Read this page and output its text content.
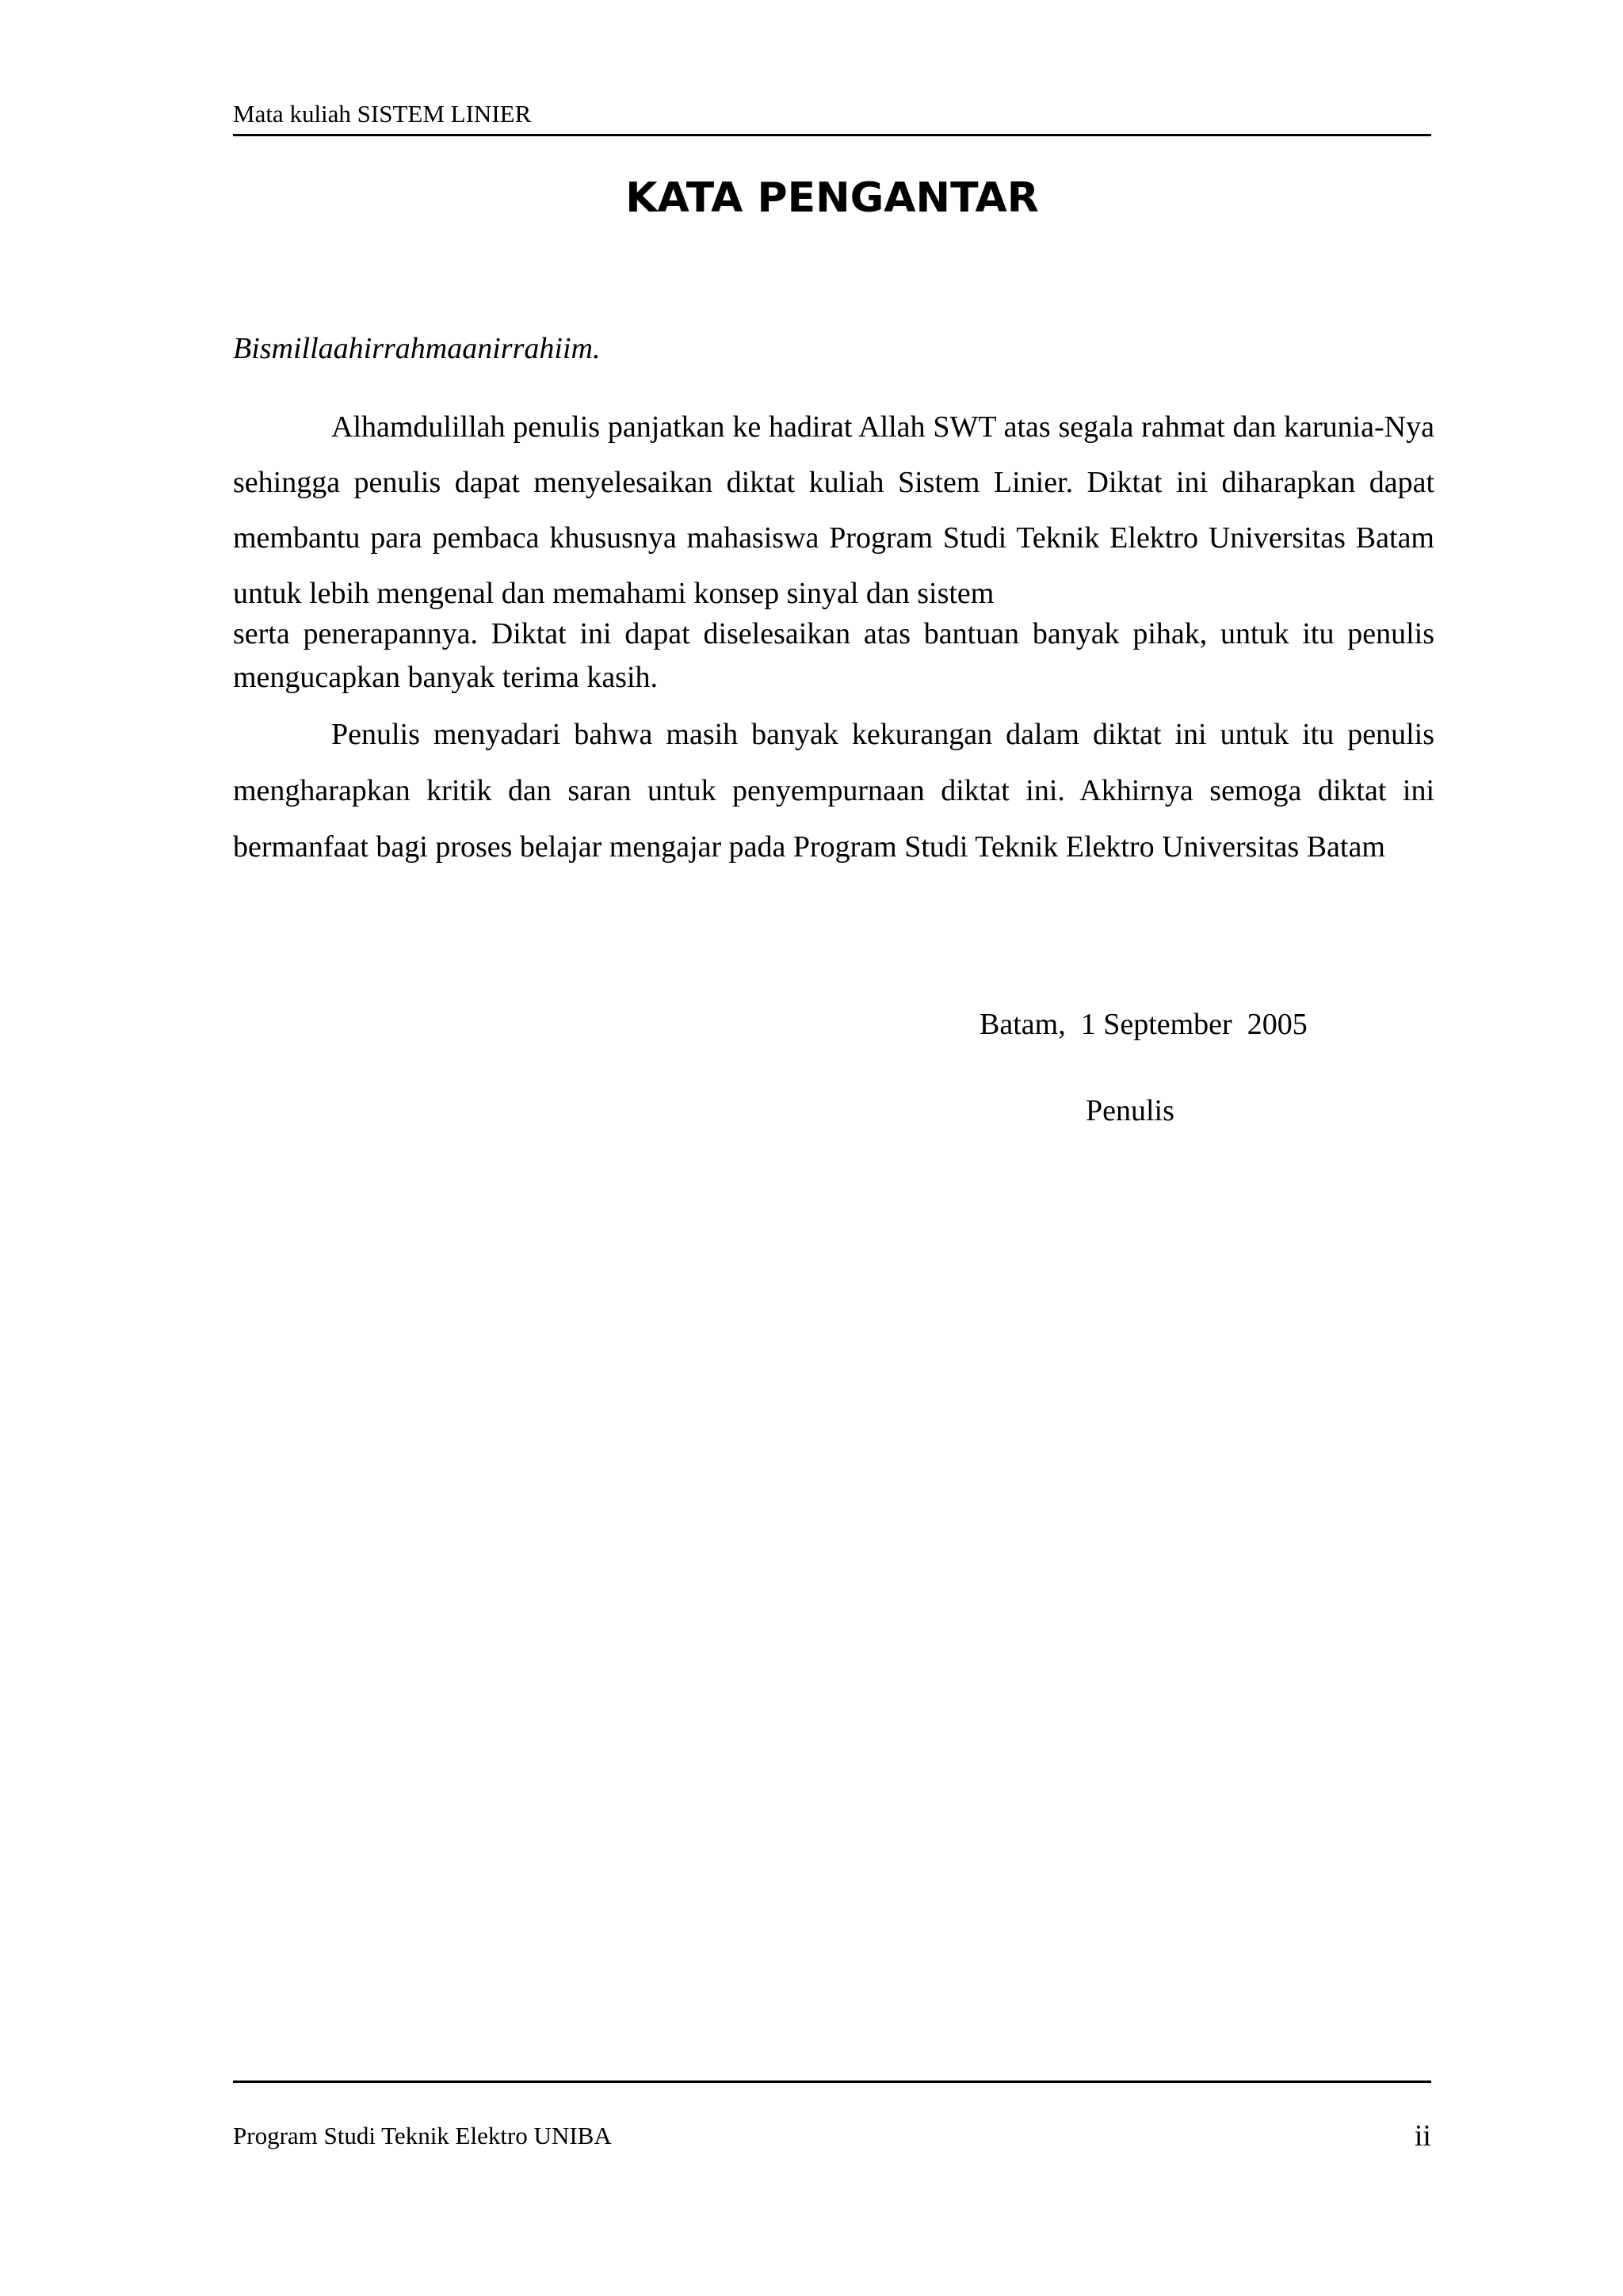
Mata kuliah SISTEM LINIER
KATA PENGANTAR
Bismillaahirrahmaanirrahiim.

Alhamdulillah penulis panjatkan ke hadirat Allah SWT atas segala rahmat dan karunia-Nya sehingga penulis dapat menyelesaikan diktat kuliah Sistem Linier. Diktat ini diharapkan dapat membantu para pembaca khususnya mahasiswa Program Studi Teknik Elektro Universitas Batam untuk lebih mengenal dan memahami konsep sinyal dan sistem

serta penerapannya. Diktat ini dapat diselesaikan atas bantuan banyak pihak, untuk itu penulis mengucapkan banyak terima kasih.

Penulis menyadari bahwa masih banyak kekurangan dalam diktat ini untuk itu penulis mengharapkan kritik dan saran untuk penyempurnaan diktat ini. Akhirnya semoga diktat ini bermanfaat bagi proses belajar mengajar pada Program Studi Teknik Elektro Universitas Batam

Batam,  1 September  2005
Penulis
Program Studi Teknik Elektro UNIBA	ii
